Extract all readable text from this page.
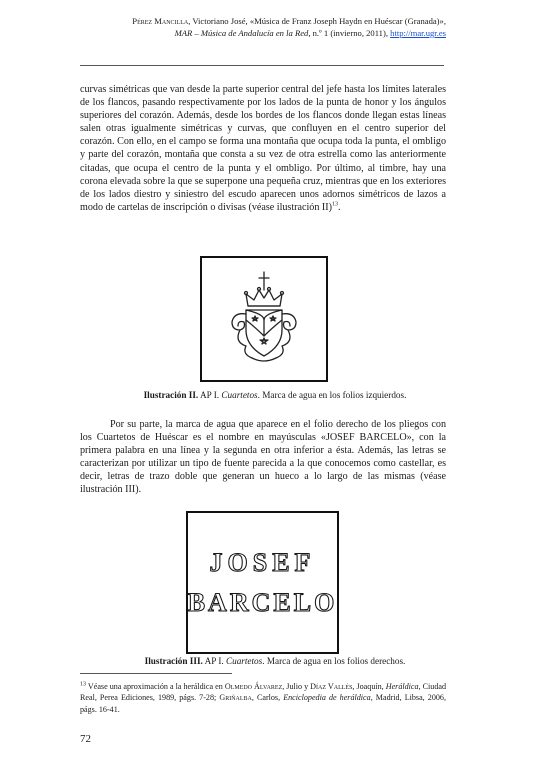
Pérez Mancilla, Victoriano José, «Música de Franz Joseph Haydn en Huéscar (Granada)»,
MAR – Música de Andalucía en la Red, n.º 1 (invierno, 2011), http://mar.ugr.es

curvas simétricas que van desde la parte superior central del jefe hasta los límites laterales de los flancos, pasando respectivamente por los lados de la punta de honor y los ángulos superiores del corazón. Además, desde los bordes de los flancos donde llegan estas líneas salen otras igualmente simétricas y curvas, que confluyen en el centro superior del corazón. Con ello, en el campo se forma una montaña que ocupa toda la punta, el ombligo y parte del corazón, montaña que consta a su vez de otra estrella como las anteriormente citadas, que ocupa el centro de la punta y el ombligo. Por último, al timbre, hay una corona elevada sobre la que se superpone una pequeña cruz, mientras que en los exteriores de los lados diestro y siniestro del escudo aparecen unos adornos simétricos de lazos a modo de cartelas de inscripción o divisas (véase ilustración II)$^{13}$.

Ilustración II. AP I. Cuartetos. Marca de agua en los folios izquierdos.

Por su parte, la marca de agua que aparece en el folio derecho de los pliegos con los Cuartetos de Huéscar es el nombre en mayúsculas «JOSEF BARCELO», con la primera palabra en una línea y la segunda en otra inferior a ésta. Además, las letras se caracterizan por utilizar un tipo de fuente parecida a la que conocemos como castellar, es decir, letras de trazo doble que generan un hueco a lo largo de las mismas (véase ilustración III).

JOSEF
BARCELO
Ilustración III. AP I. Cuartetos. Marca de agua en los folios derechos.

$^{13}$ Véase una aproximación a la heráldica en Olmedo Álvarez, Julio y Díaz Vallés, Joaquín, Heráldica, Ciudad Real, Perea Ediciones, 1989, págs. 7-28; Griñalba, Carlos, Enciclopedia de heráldica, Madrid, Libsa, 2006, págs. 16-41.

72
